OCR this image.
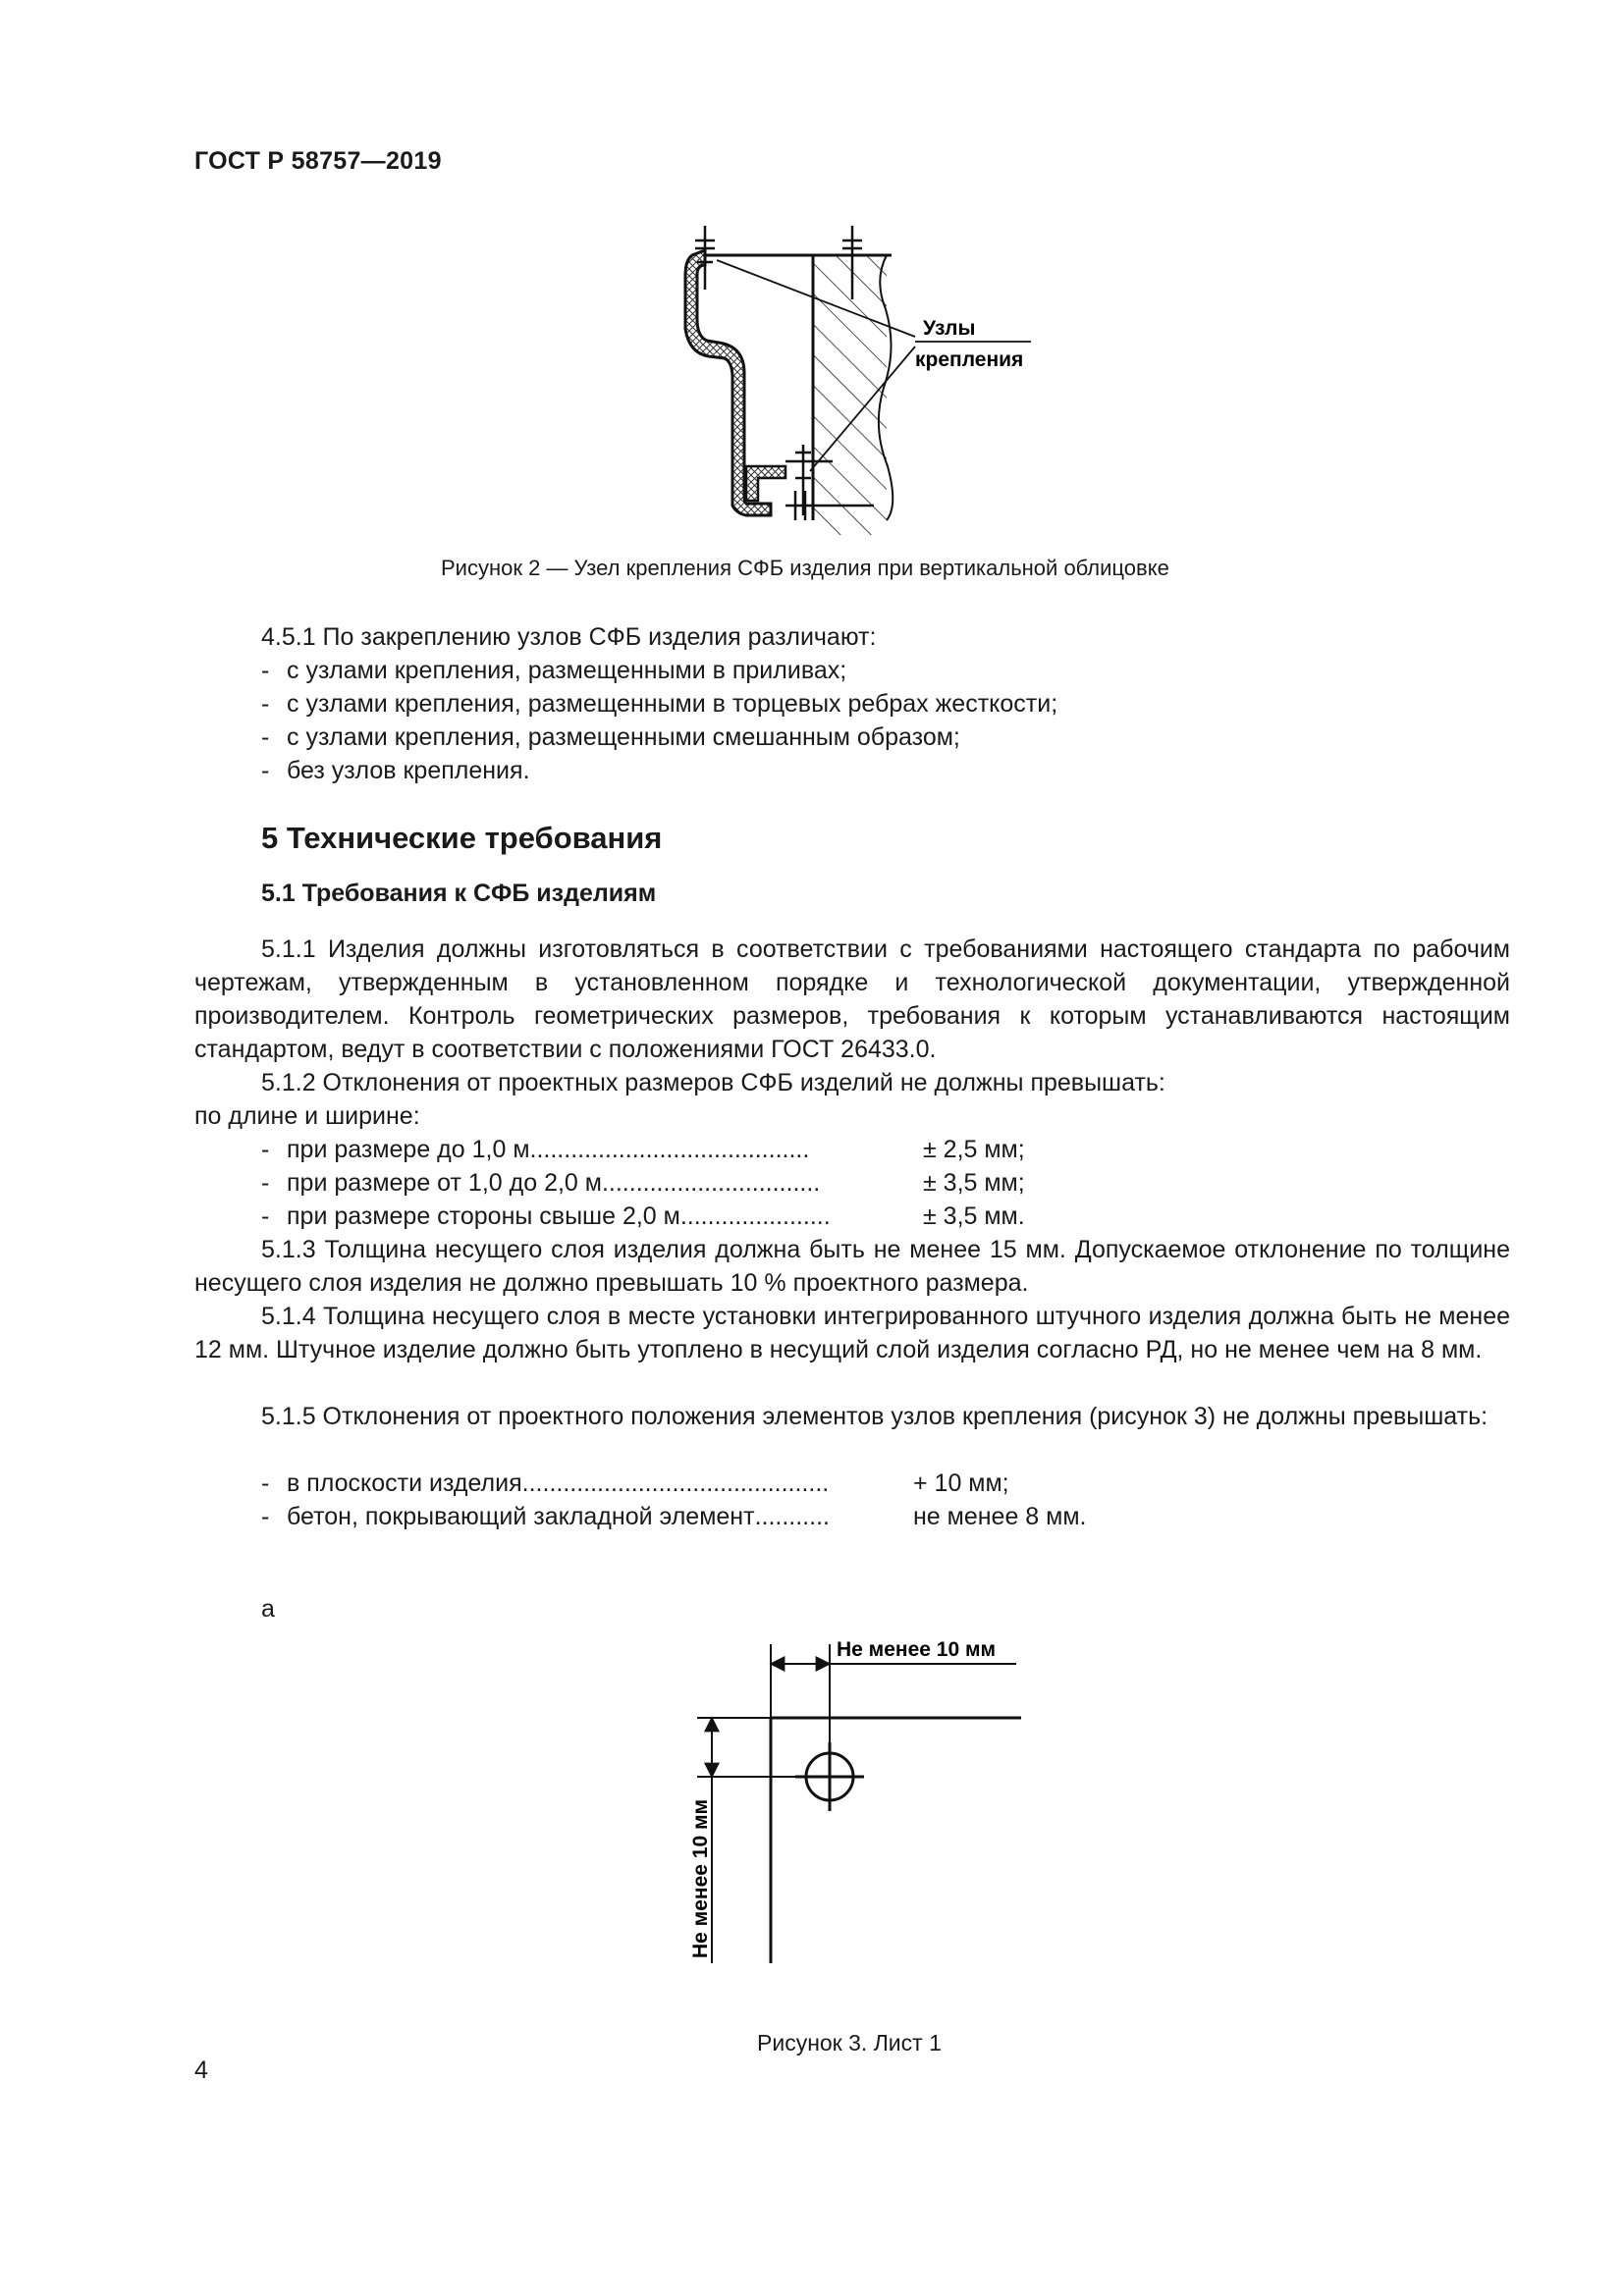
ГОСТ Р 58757—2019
Узлы
крепления
Рисунок 2 — Узел крепления СФБ изделия при вертикальной облицовке

4.5.1 По закреплению узлов СФБ изделия различают:

- с узлами крепления, размещенными в приливах;

- с узлами крепления, размещенными в торцевых ребрах жесткости;

- с узлами крепления, размещенными смешанным образом;

- без узлов крепления.

5 Технические требования
5.1 Требования к СФБ изделиям

5.1.1 Изделия должны изготовляться в соответствии с требованиями настоящего стандарта по рабочим чертежам, утвержденным в установленном порядке и технологической документации, утвержденной производителем. Контроль геометрических размеров, требования к которым устанавливаются настоящим стандартом, ведут в соответствии с положениями ГОСТ 26433.0.

5.1.2 Отклонения от проектных размеров СФБ изделий не должны превышать:

по длине и ширине:

- при размере до 1,0 м.........................................	± 2,5 мм;

- при размере от 1,0 до 2,0 м................................	± 3,5 мм;

- при размере стороны свыше 2,0 м......................	± 3,5 мм.

5.1.3 Толщина несущего слоя изделия должна быть не менее 15 мм. Допускаемое отклонение по толщине несущего слоя изделия не должно превышать 10 % проектного размера.

5.1.4 Толщина несущего слоя в месте установки интегрированного штучного изделия должна быть не менее 12 мм. Штучное изделие должно быть утоплено в несущий слой изделия согласно РД, но не менее чем на 8 мм.

5.1.5 Отклонения от проектного положения элементов узлов крепления (рисунок 3) не должны превышать:

- в плоскости изделия.............................................	+ 10 мм;

- бетон, покрывающий закладной элемент...........	не менее 8 мм.

а
Не менее 10 мм
Не менее 10 мм
Рисунок 3. Лист 1
4
